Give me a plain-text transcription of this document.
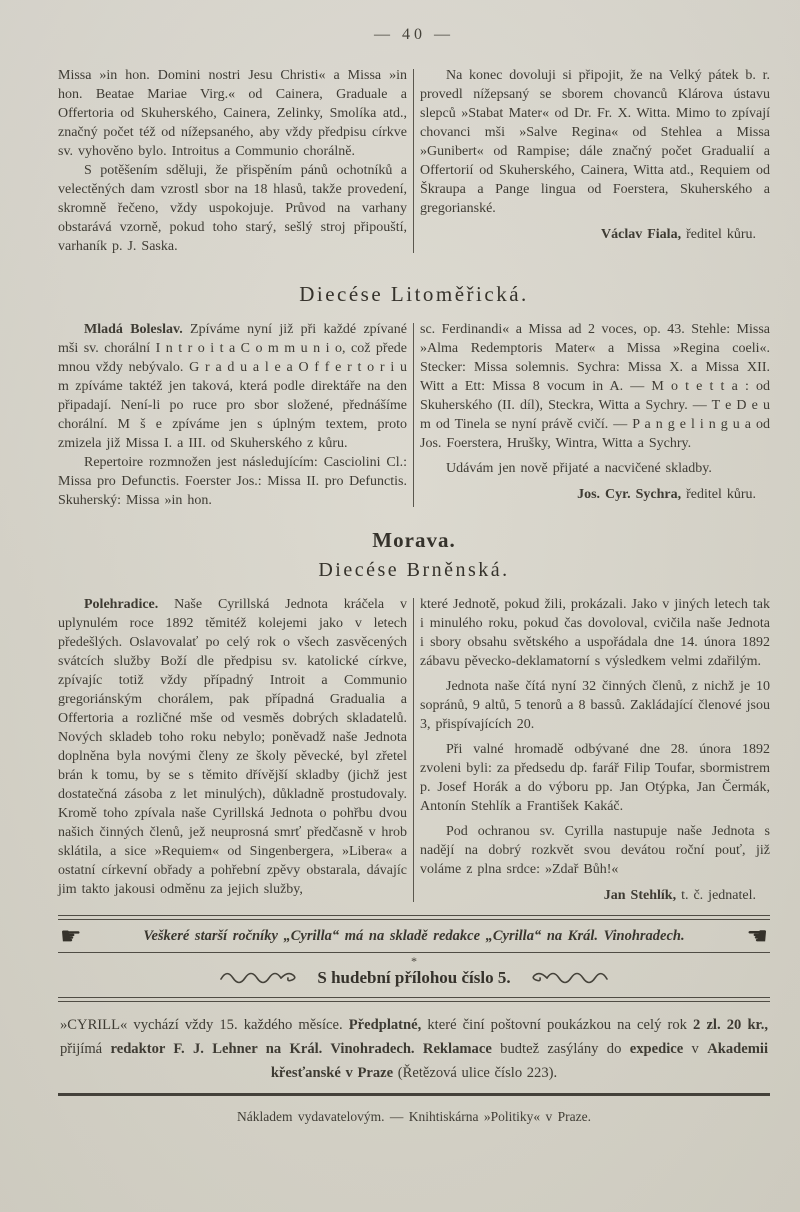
— 40 —

Missa »in hon. Domini nostri Jesu Christi« a Missa »in hon. Beatae Mariae Virg.« od Cainera, Graduale a Offertoria od Skuherského, Cainera, Zelinky, Smolíka atd., značný počet též od nížepsaného, aby vždy předpisu církve sv. vyhověno bylo. Introitus a Communio chorálně.

S potěšením sděluji, že přispěním pánů ochotníků a velectěných dam vzrostl sbor na 18 hlasů, takže provedení, skromně řečeno, vždy uspokojuje. Průvod na varhany obstarává vzorně, pokud toho starý, sešlý stroj připouští, varhaník p. J. Saska.

Na konec dovoluji si připojit, že na Velký pátek b. r. provedl nížepsaný se sborem chovanců Klárova ústavu slepců »Stabat Mater« od Dr. Fr. X. Witta. Mimo to zpívají chovanci mši »Salve Regina« od Stehlea a Missa »Gunibert« od Rampise; dále značný počet Gradualií a Offertorií od Skuherského, Cainera, Witta atd., Requiem od Škraupa a Pange lingua od Foerstera, Skuherského a gregorianské.

Václav Fiala, ředitel kůru.

Diecése Litoměřická.

Mladá Boleslav. Zpíváme nyní již při každé zpívané mši sv. chorální I n t r o i t a C o m m u n i o, což přede mnou vždy nebývalo. G r a d u a l e a O f f e r t o r i u m zpíváme taktéž jen taková, která podle direktáře na den připadají. Není-li po ruce pro sbor složené, přednášíme chorální. M š e zpíváme jen s úplným textem, proto zmizela již Missa I. a III. od Skuherského z kůru.

Repertoire rozmnožen jest následujícím: Casciolini Cl.: Missa pro Defunctis. Foerster Jos.: Missa II. pro Defunctis. Skuherský: Missa »in hon.

sc. Ferdinandi« a Missa ad 2 voces, op. 43. Stehle: Missa »Alma Redemptoris Mater« a Missa »Regina coeli«. Stecker: Missa solemnis. Sychra: Missa X. a Missa XII. Witt a Ett: Missa 8 vocum in A. — M o t e t t a : od Skuherského (II. díl), Steckra, Witta a Sychry. — T e D e u m od Tinela se nyní právě cvičí. — P a n g e l i n g u a od Jos. Foerstera, Hrušky, Wintra, Witta a Sychry.

Udávám jen nově přijaté a nacvičené skladby.

Jos. Cyr. Sychra, ředitel kůru.

Morava.
Diecése Brněnská.

Polehradice. Naše Cyrillská Jednota kráčela v uplynulém roce 1892 těmitéž kolejemi jako v letech předešlých. Oslavovalať po celý rok o všech zasvěcených svátcích služby Boží dle předpisu sv. katolické církve, zpívajíc totiž vždy případný Introit a Communio gregoriánským chorálem, pak případná Gradualia a Offertoria a rozličné mše od vesměs dobrých skladatelů. Nových skladeb toho roku nebylo; poněvadž naše Jednota doplněna byla novými členy ze školy pěvecké, byl zřetel brán k tomu, by se s těmito dřívější skladby (jichž jest dostatečná zásoba z let minulých), důkladně prostudovaly. Kromě toho zpívala naše Cyrillská Jednota o pohřbu dvou našich činných členů, jež neuprosná smrť předčasně v hrob sklátila, a sice »Requiem« od Singenbergera, »Libera« a ostatní církevní obřady a pohřební zpěvy obstarala, dávajíc jim takto jakousi odměnu za jejich služby,

které Jednotě, pokud žili, prokázali. Jako v jiných letech tak i minulého roku, pokud čas dovoloval, cvičila naše Jednota i sbory obsahu světského a uspořádala dne 14. února 1892 zábavu pěvecko-deklamatorní s výsledkem velmi zdařilým.

Jednota naše čítá nyní 32 činných členů, z nichž je 10 sopránů, 9 altů, 5 tenorů a 8 bassů. Zakládající členové jsou 3, přispívajících 20.

Při valné hromadě odbývané dne 28. února 1892 zvoleni byli: za předsedu dp. farář Filip Toufar, sbormistrem p. Josef Horák a do výboru pp. Jan Otýpka, Jan Čermák, Antonín Stehlík a František Kakáč.

Pod ochranou sv. Cyrilla nastupuje naše Jednota s nadějí na dobrý rozkvět svou devátou roční pouť, již voláme z plna srdce: »Zdař Bůh!«

Jan Stehlík, t. č. jednatel.

☛	Veškeré starší ročníky „Cyrilla“ má na skladě redakce „Cyrilla“ na Král. Vinohradech.	☚
*
S hudební přílohou číslo 5.

»CYRILL« vychází vždy 15. každého měsíce. Předplatné, které činí poštovní poukázkou na celý rok 2 zl. 20 kr., přijímá redaktor F. J. Lehner na Král. Vinohradech. Reklamace budtež zasýlány do expedice v Akademii křesťanské v Praze (Řetězová ulice číslo 223).

Nákladem vydavatelovým. — Knihtiskárna »Politiky« v Praze.
